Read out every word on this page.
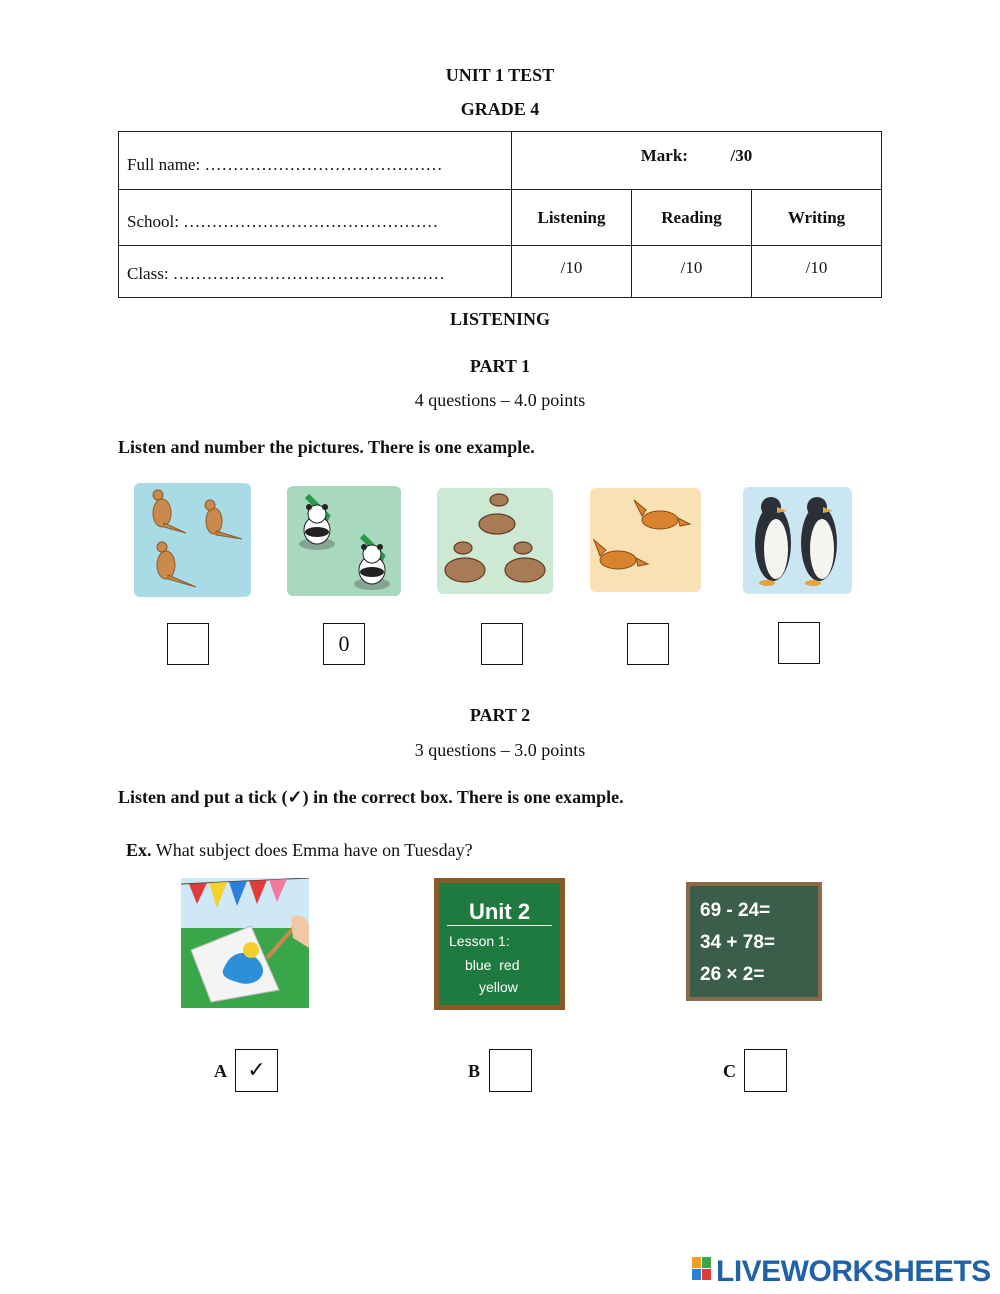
UNIT 1 TEST
GRADE 4
Full name: ……………………………………	Mark: /30		
School: ………………………………………	Listening	Reading	Writing
Class: …………………………………………	/10	/10	/10
LISTENING
PART 1
4 questions – 4.0 points
Listen and number the pictures. There is one example.
0
PART 2
3 questions – 3.0 points
Listen and put a tick (✓) in the correct box. There is one example.
Ex. What subject does Emma have on Tuesday?
Unit 2
Lesson 1:
blue  red
yellow
69 - 24=
34 + 78=
26 × 2=
A ✓	B	C
LIVEWORKSHEETS
